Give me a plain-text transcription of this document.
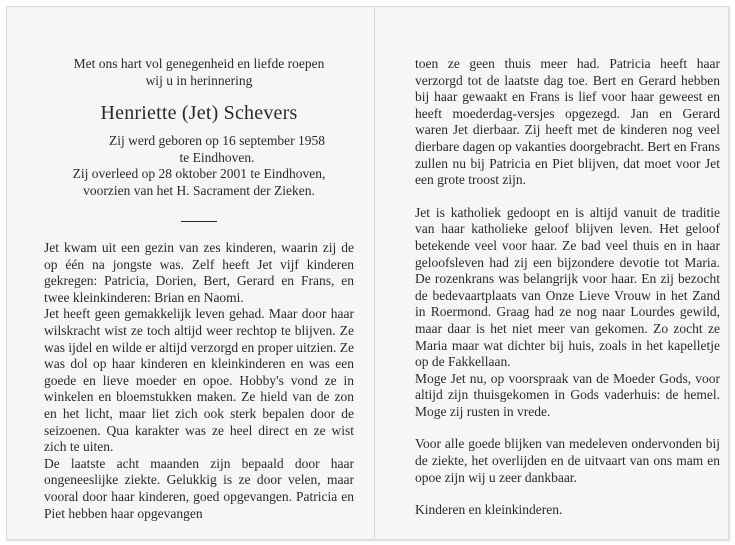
Met ons hart vol genegenheid en liefde roepen

wij u in herinnering

Henriette (Jet) Schevers

Zij werd geboren op 16 september 1958

te Eindhoven.

Zij overleed op 28 oktober 2001 te Eindhoven,

voorzien van het H. Sacrament der Zieken.

Jet kwam uit een gezin van zes kinderen, waarin zij de op één na jongste was. Zelf heeft Jet vijf kinderen gekregen: Patricia, Dorien, Bert, Gerard en Frans, en twee kleinkinderen: Brian en Naomi.

Jet heeft geen gemakkelijk leven gehad. Maar door haar wilskracht wist ze toch altijd weer rechtop te blijven. Ze was ijdel en wilde er altijd verzorgd en proper uitzien. Ze was dol op haar kinderen en kleinkinderen en was een goede en lieve moeder en opoe. Hobby's vond ze in winkelen en bloemstukken maken. Ze hield van de zon en het licht, maar liet zich ook sterk bepalen door de seizoenen. Qua karakter was ze heel direct en ze wist zich te uiten.

De laatste acht maanden zijn bepaald door haar ongeneeslijke ziekte. Gelukkig is ze door velen, maar vooral door haar kinderen, goed opgevangen. Patricia en Piet hebben haar opgevangen

toen ze geen thuis meer had. Patricia heeft haar verzorgd tot de laatste dag toe. Bert en Gerard hebben bij haar gewaakt en Frans is lief voor haar geweest en heeft moederdag-versjes opgezegd. Jan en Gerard waren Jet dierbaar. Zij heeft met de kinderen nog veel dierbare dagen op vakanties doorgebracht. Bert en Frans zullen nu bij Patricia en Piet blijven, dat moet voor Jet een grote troost zijn.

Jet is katholiek gedoopt en is altijd vanuit de traditie van haar katholieke geloof blijven leven. Het geloof betekende veel voor haar. Ze bad veel thuis en in haar geloofsleven had zij een bijzondere devotie tot Maria. De rozenkrans was belangrijk voor haar. En zij bezocht de bedevaartplaats van Onze Lieve Vrouw in het Zand in Roermond. Graag had ze nog naar Lourdes gewild, maar daar is het niet meer van gekomen. Zo zocht ze Maria maar wat dichter bij huis, zoals in het kapelletje op de Fakkellaan.

Moge Jet nu, op voorspraak van de Moeder Gods, voor altijd zijn thuisgekomen in Gods vaderhuis: de hemel. Moge zij rusten in vrede.

Voor alle goede blijken van medeleven ondervonden bij de ziekte, het overlijden en de uitvaart van ons mam en opoe zijn wij u zeer dankbaar.

Kinderen en kleinkinderen.
